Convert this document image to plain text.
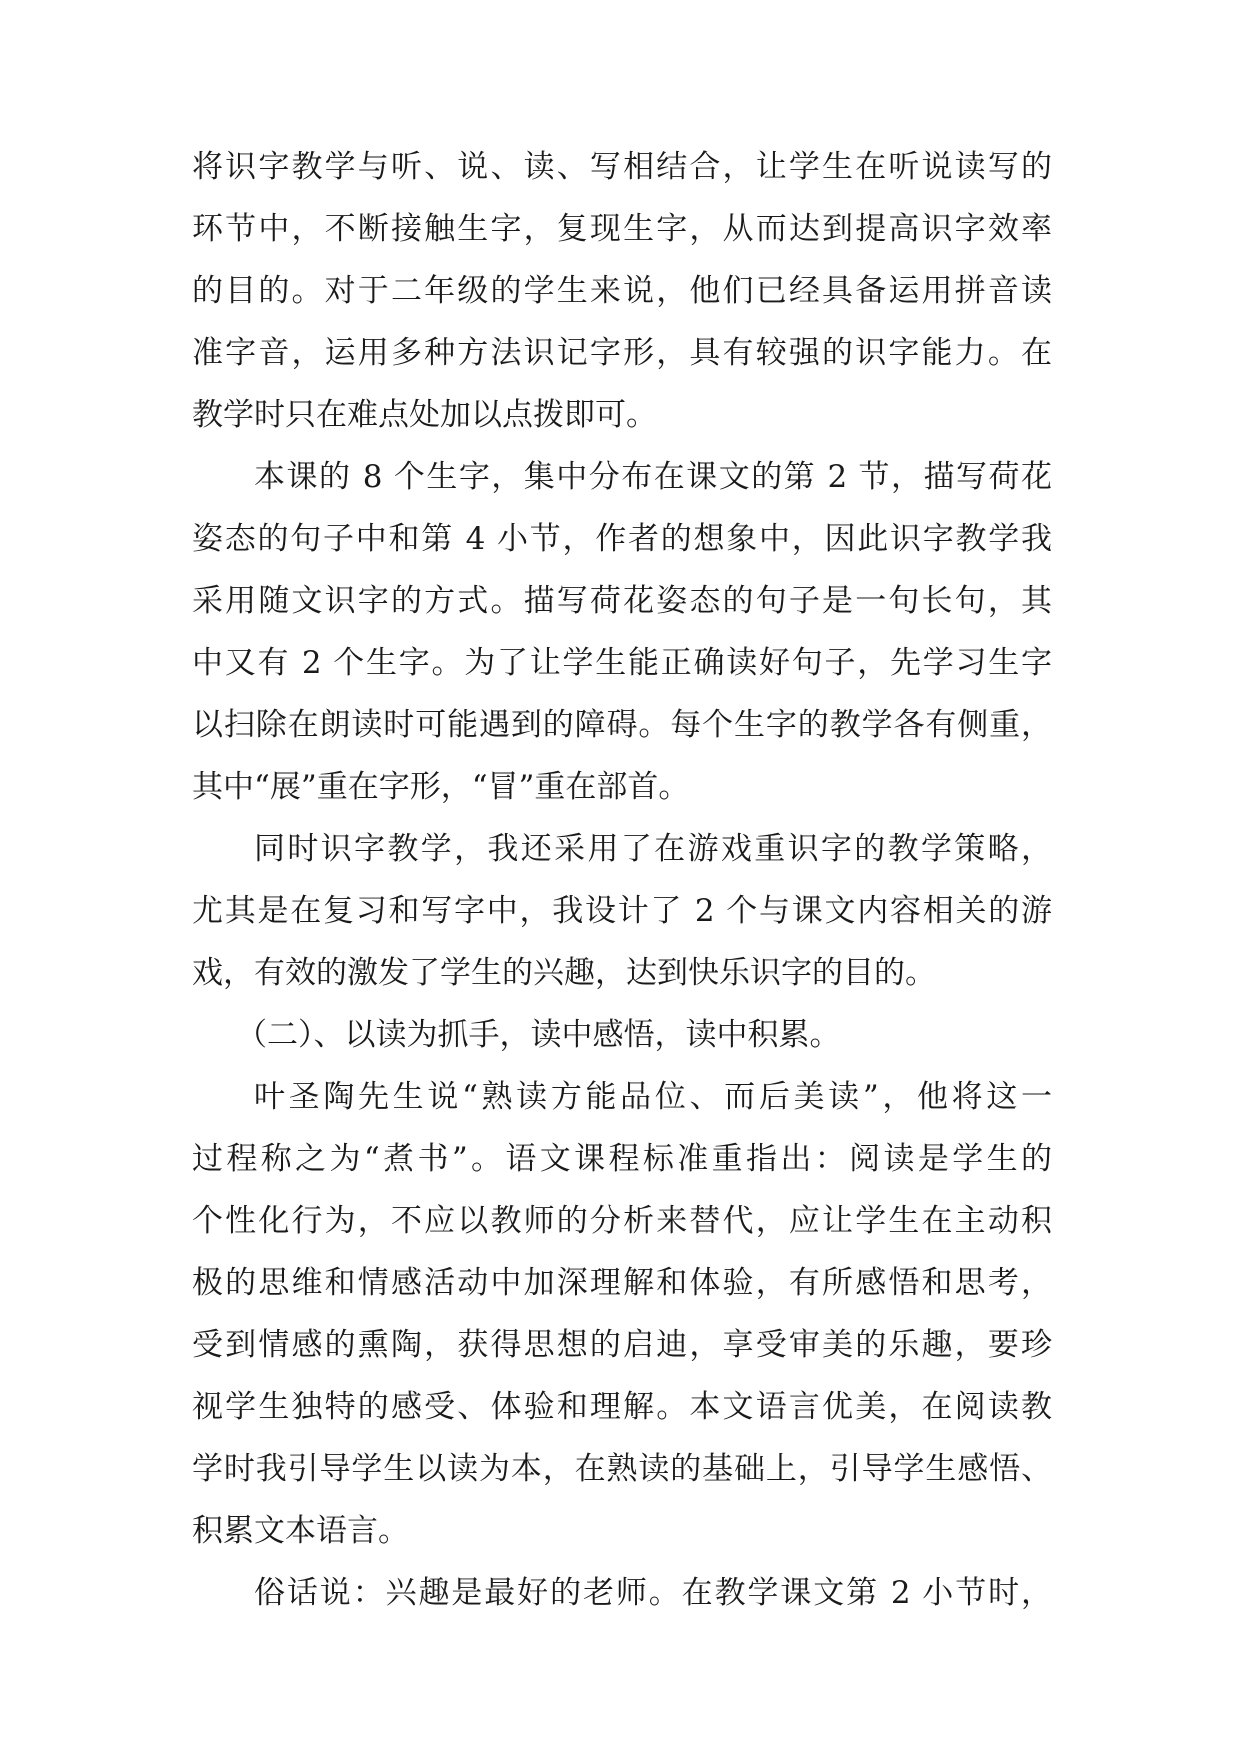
将识字教学与听、说、读、写相结合，让学生在听说读写的
环节中，不断接触生字，复现生字，从而达到提高识字效率
的目的。对于二年级的学生来说，他们已经具备运用拼音读
准字音，运用多种方法识记字形，具有较强的识字能力。在
教学时只在难点处加以点拨即可。
本课的 8 个生字，集中分布在课文的第 2 节，描写荷花
姿态的句子中和第 4 小节，作者的想象中，因此识字教学我
采用随文识字的方式。描写荷花姿态的句子是一句长句，其
中又有 2 个生字。为了让学生能正确读好句子，先学习生字
以扫除在朗读时可能遇到的障碍。每个生字的教学各有侧重，
其中“展”重在字形，“冒”重在部首。
同时识字教学，我还采用了在游戏重识字的教学策略，
尤其是在复习和写字中，我设计了 2 个与课文内容相关的游
戏，有效的激发了学生的兴趣，达到快乐识字的目的。
（二）、以读为抓手，读中感悟，读中积累。
叶圣陶先生说“熟读方能品位、而后美读”，他将这一
过程称之为“煮书”。语文课程标准重指出：阅读是学生的
个性化行为，不应以教师的分析来替代，应让学生在主动积
极的思维和情感活动中加深理解和体验，有所感悟和思考，
受到情感的熏陶，获得思想的启迪，享受审美的乐趣，要珍
视学生独特的感受、体验和理解。本文语言优美，在阅读教
学时我引导学生以读为本，在熟读的基础上，引导学生感悟、
积累文本语言。
俗话说：兴趣是最好的老师。在教学课文第 2 小节时，
